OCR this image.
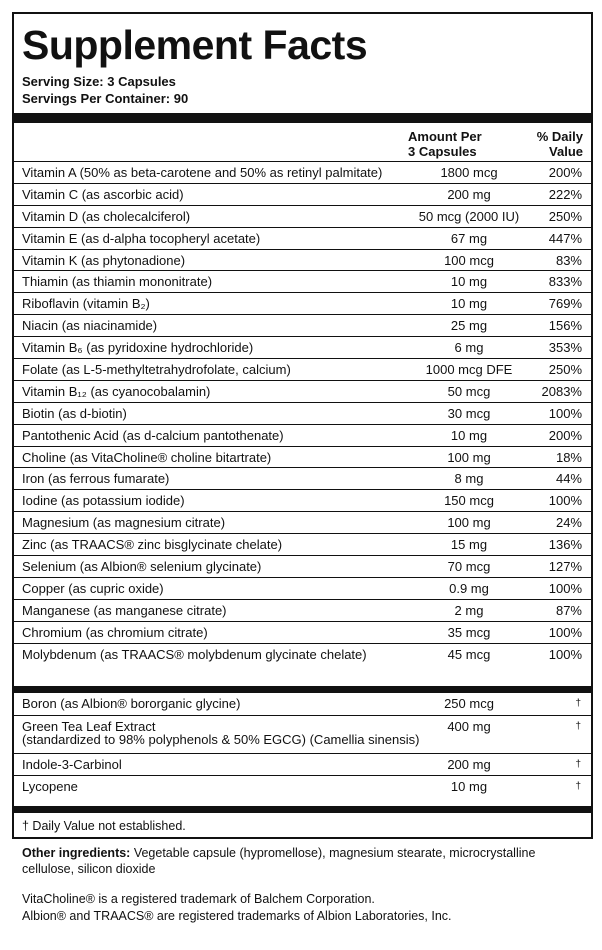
Supplement Facts
Serving Size: 3 Capsules
Servings Per Container: 90
Amount Per
3 Capsules
% Daily
Value
Vitamin A (50% as beta-carotene and 50% as retinyl palmitate)	1800 mcg	200%
Vitamin C (as ascorbic acid)	200 mg	222%
Vitamin D (as cholecalciferol)	50 mcg (2000 IU)	250%
Vitamin E (as d-alpha tocopheryl acetate)	67 mg	447%
Vitamin K (as phytonadione)	100 mcg	83%
Thiamin (as thiamin mononitrate)	10 mg	833%
Riboflavin (vitamin B₂)	10 mg	769%
Niacin (as niacinamide)	25 mg	156%
Vitamin B₆ (as pyridoxine hydrochloride)	6 mg	353%
Folate (as L-5-methyltetrahydrofolate, calcium)	1000 mcg DFE	250%
Vitamin B₁₂ (as cyanocobalamin)	50 mcg	2083%
Biotin (as d-biotin)	30 mcg	100%
Pantothenic Acid (as d-calcium pantothenate)	10 mg	200%
Choline (as VitaCholine® choline bitartrate)	100 mg	18%
Iron (as ferrous fumarate)	8 mg	44%
Iodine (as potassium iodide)	150 mcg	100%
Magnesium (as magnesium citrate)	100 mg	24%
Zinc (as TRAACS® zinc bisglycinate chelate)	15 mg	136%
Selenium (as Albion® selenium glycinate)	70 mcg	127%
Copper (as cupric oxide)	0.9 mg	100%
Manganese (as manganese citrate)	2 mg	87%
Chromium (as chromium citrate)	35 mcg	100%
Molybdenum (as TRAACS® molybdenum glycinate chelate)	45 mcg	100%
Boron (as Albion® bororganic glycine)	250 mcg	†
Green Tea Leaf Extract
(standardized to 98% polyphenols & 50% EGCG) (Camellia sinensis)
400 mg	†
Indole-3-Carbinol	200 mg	†
Lycopene	10 mg	†
† Daily Value not established.
Other ingredients: Vegetable capsule (hypromellose), magnesium stearate, microcrystalline cellulose, silicon dioxide
VitaCholine® is a registered trademark of Balchem Corporation.
Albion® and TRAACS® are registered trademarks of Albion Laboratories, Inc.
